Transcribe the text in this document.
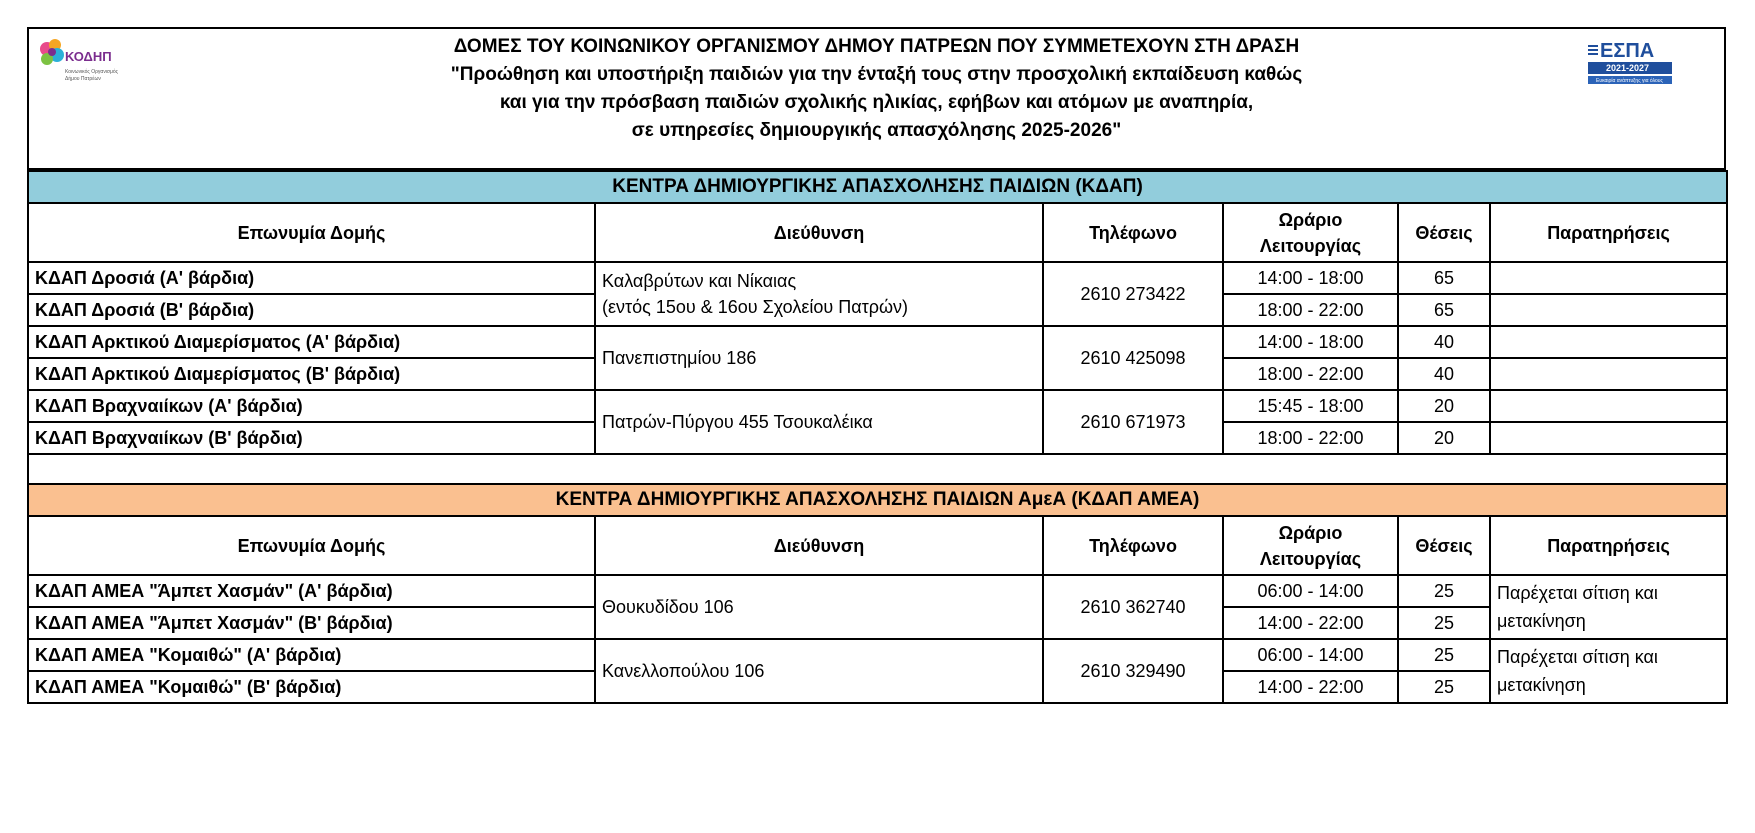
ΚΟΔΗΠ
Κοινωνικός Οργανισμός
Δήμου Πατρέων
ΔΟΜΕΣ ΤΟΥ ΚΟΙΝΩΝΙΚΟΥ ΟΡΓΑΝΙΣΜΟΥ ΔΗΜΟΥ ΠΑΤΡΕΩΝ ΠΟΥ ΣΥΜΜΕΤΕΧΟΥΝ ΣΤΗ ΔΡΑΣΗ
"Προώθηση και υποστήριξη παιδιών για την ένταξή τους στην προσχολική εκπαίδευση καθώς
και για την πρόσβαση παιδιών σχολικής ηλικίας, εφήβων και ατόμων με αναπηρία,
σε υπηρεσίες δημιουργικής απασχόλησης 2025-2026"
ΕΣΠΑ
2021-2027
Ευκαιρία ανάπτυξης για όλους
ΚΕΝΤΡΑ ΔΗΜΙΟΥΡΓΙΚΗΣ ΑΠΑΣΧΟΛΗΣΗΣ ΠΑΙΔΙΩΝ (ΚΔΑΠ)					
Επωνυμία Δομής	Διεύθυνση	Τηλέφωνο	Ωράριο
Λειτουργίας	Θέσεις	Παρατηρήσεις
ΚΔΑΠ Δροσιά (Α' βάρδια)	Καλαβρύτων και Νίκαιας
(εντός 15ου & 16ου Σχολείου Πατρών)	2610 273422	14:00 - 18:00	65	
ΚΔΑΠ Δροσιά (Β' βάρδια)			18:00 - 22:00	65	
ΚΔΑΠ Αρκτικού Διαμερίσματος (Α' βάρδια)	Πανεπιστημίου 186	2610 425098	14:00 - 18:00	40	
ΚΔΑΠ Αρκτικού Διαμερίσματος (Β' βάρδια)			18:00 - 22:00	40	
ΚΔΑΠ Βραχναιίκων (Α' βάρδια)	Πατρών-Πύργου 455 Τσουκαλέικα	2610 671973	15:45 - 18:00	20	
ΚΔΑΠ Βραχναιίκων (Β' βάρδια)			18:00 - 22:00	20	

ΚΕΝΤΡΑ ΔΗΜΙΟΥΡΓΙΚΗΣ ΑΠΑΣΧΟΛΗΣΗΣ ΠΑΙΔΙΩΝ ΑμεΑ (ΚΔΑΠ ΑΜΕΑ)					
Επωνυμία Δομής	Διεύθυνση	Τηλέφωνο	Ωράριο
Λειτουργίας	Θέσεις	Παρατηρήσεις
ΚΔΑΠ ΑΜΕΑ "Άμπετ Χασμάν" (Α' βάρδια)	Θουκυδίδου 106	2610 362740	06:00 - 14:00	25	Παρέχεται σίτιση και
μετακίνηση
ΚΔΑΠ ΑΜΕΑ "Άμπετ Χασμάν" (Β' βάρδια)			14:00 - 22:00	25	
ΚΔΑΠ ΑΜΕΑ "Κομαιθώ" (Α' βάρδια)	Κανελλοπούλου 106	2610 329490	06:00 - 14:00	25	Παρέχεται σίτιση και
μετακίνηση
ΚΔΑΠ ΑΜΕΑ "Κομαιθώ" (Β' βάρδια)			14:00 - 22:00	25	
